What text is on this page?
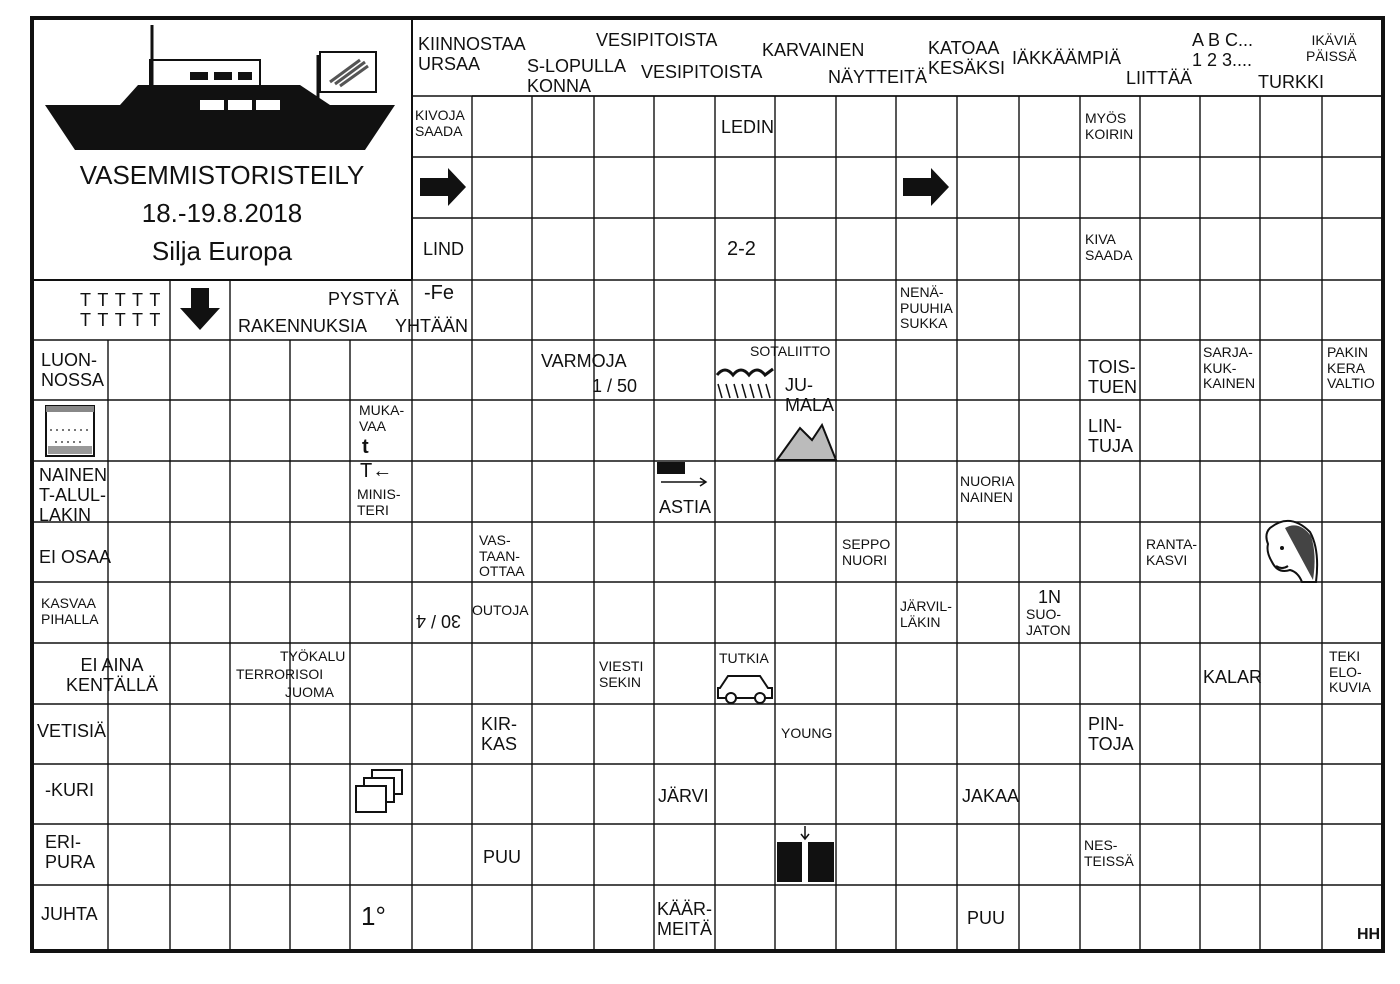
VASEMMISTORISTEILY
18.-19.8.2018
Silja Europa
HH
KIINNOSTAA
URSAA	S-LOPULLA
KONNA
VESIPITOISTA
VESIPITOISTA
KARVAINEN
NÄYTTEITÄ
KATOAA
KESÄKSI
IÄKKÄÄMPIÄ
LIITTÄÄ
A B C...
1 2 3....
TURKKI
IKÄVIÄ
PÄISSÄ
KIVOJA
SAADA	LEDIN	MYÖS
KOIRIN
LIND	2-2	KIVA
SAADA
T T T T T
T T T T T
PYSTYÄ
RAKENNUKSIA YHTÄÄN
-Fe	NENÄ-
PUUHIA
SUKKA
LUON-
NOSSA
VARMOJA
1 / 50
SOTALIITTO
JU-
MALA
TOIS-
TUEN
SARJA-
KUK-
KAINEN
PAKIN
KERA
VALTIO
MUKA-
VAA	LIN-
TUJA
t
T←
MINIS-
TERI
NAINEN
T-ALUL-
LAKIN	ASTIA
NUORIA
NAINEN
EI OSAA
VAS-
TAAN-
OTTAA
SEPPO
NUORI
RANTA-
KASVI
KASVAA
PIHALLA	30 / 4
OUTOJA	JÄRVIL-
LÄKIN
1N
SUO-
JATON
EI AINA
KENTÄLLÄ
TYÖKALU
TERRORISOI
JUOMA
VIESTI
SEKIN
TUTKIA
KALAR
TEKI
ELO-
KUVIA
VETISIÄ	KIR-
KAS
YOUNG	PIN-
TOJA
-KURI	JÄRVI	JAKAA
ERI-
PURA	PUU
NES-
TEISSÄ
JUHTA	1°	KÄÄR-
MEITÄ
PUU
